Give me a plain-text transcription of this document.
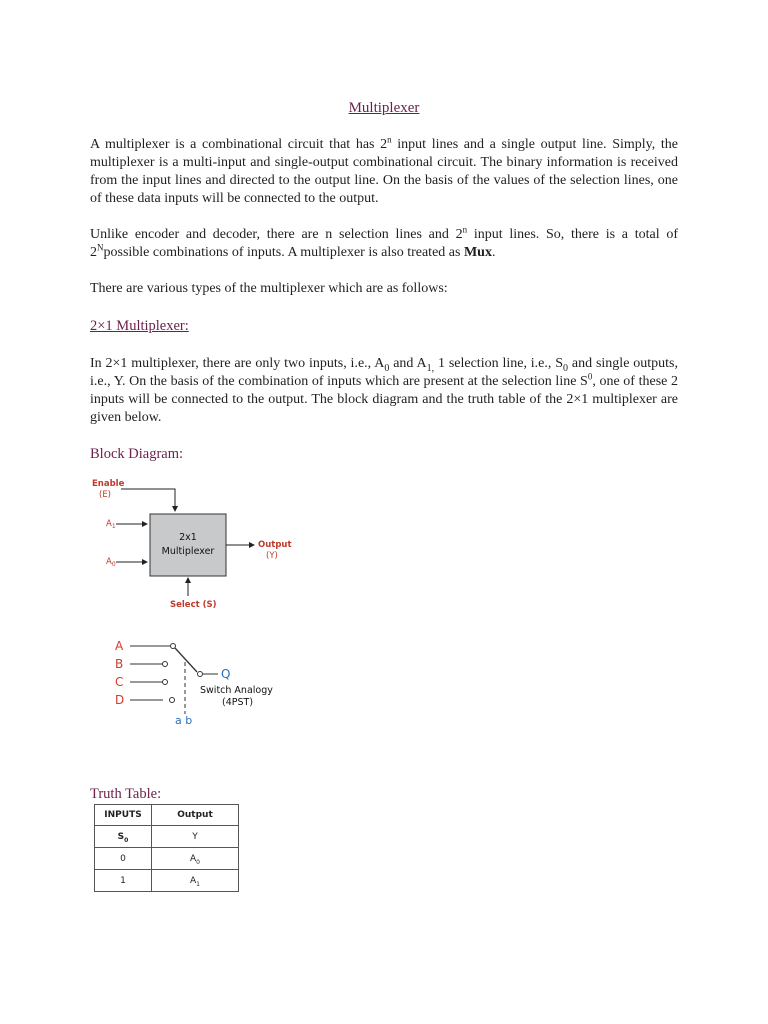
Multiplexer

A multiplexer is a combinational circuit that has 2$^n$ input lines and a single output line. Simply, the multiplexer is a multi-input and single-output combinational circuit. The binary information is received from the input lines and directed to the output line. On the basis of the values of the selection lines, one of these data inputs will be connected to the output.

Unlike encoder and decoder, there are n selection lines and 2$^n$ input lines. So, there is a total of $2^Npossible$ combinations of inputs. A multiplexer is also treated as Mux.

There are various types of the multiplexer which are as follows:

2×1 Multiplexer:

In 2×1 multiplexer, there are only two inputs, i.e., $A_0$ and $A_{1,}$ 1 selection line, i.e., $S_0$ and single outputs, i.e., Y. On the basis of the combination of inputs which are present at the selection line $S^0$, one of these 2 inputs will be connected to the output. The block diagram and the truth table of the 2×1 multiplexer are given below.

Block Diagram:
Enable
(E)
$A_1$
$A_0$
2x1
Multiplexer
Output
(Y)
Select (S)
A
B
C
D
Q
a b
Switch Analogy
(4PST)
Truth Table:
INPUTS	Output
$S_0$	Y
0	$A_0$
1	$A_1$
